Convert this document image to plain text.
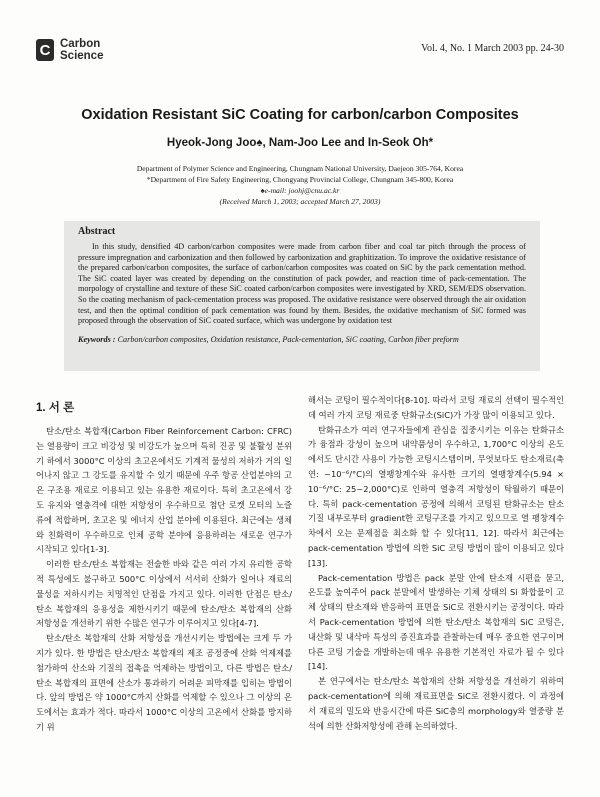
C Carbon
Science
Vol. 4, No. 1 March 2003 pp. 24-30
Oxidation Resistant SiC Coating for carbon/carbon Composites
Hyeok-Jong Joo♠, Nam-Joo Lee and In-Seok Oh*
Department of Polymer Science and Engineering, Chungnam National University, Daejeon 305-764, Korea
*Department of Fire Safety Engineering, Chongyang Provincial College, Chungnam 345-800, Korea
♠e-mail: joohj@cnu.ac.kr
(Received March 1, 2003; accepted March 27, 2003)
Abstract
In this study, densified 4D carbon/carbon composites were made from carbon fiber and coal tar pitch through the process of pressure impregnation and carbonization and then followed by carbonization and graphitization. To improve the oxidative resistance of the prepared carbon/carbon composites, the surface of carbon/carbon composites was coated on SiC by the pack cementation method. The SiC coated layer was created by depending on the constitution of pack powder, and reaction time of pack-cementation. The morpology of crystalline and texture of these SiC coated carbon/carbon composites were investigated by XRD, SEM/EDS observation. So the coating mechanism of pack-cementation process was proposed. The oxidative resistance were observed through the air oxidation test, and then the optimal condition of pack cementation was found by them. Besides, the oxidative mechanism of SiC formed was proposed through the observation of SiC coated surface, which was undergone by oxidation test
Keywords : Carbon/carbon composites, Oxidation resistance, Pack-cementation, SiC coating, Carbon fiber preform
1. 서 론

탄소/탄소 복합재(Carbon Fiber Reinforcement Carbon: CFRC)는 열용량이 크고 비강성 및 비강도가 높으며 특히 진공 및 불활성 분위기 하에서 3000°C 이상의 초고온에서도 기계적 물성의 저하가 거의 일어나지 않고 그 강도를 유지할 수 있기 때문에 우주 항공 산업분야의 고온 구조용 재료로 이용되고 있는 유용한 재료이다. 특히 초고온에서 강도 유지와 열충격에 대한 저항성이 우수하므로 첨단 로켓 모터의 노즐류에 적합하며, 초고온 및 에너지 산업 분야에 이용된다. 최근에는 생체와 친화력이 우수하므로 인체 공학 분야에 응용하려는 새로운 연구가 시작되고 있다[1-3].

이러한 탄소/탄소 복합재는 전술한 바와 같은 여러 가지 유리한 공학적 특성에도 불구하고 500°C 이상에서 서서히 산화가 일어나 재료의 물성을 저하시키는 치명적인 단점을 가지고 있다. 이러한 단점은 탄소/탄소 복합재의 응용성을 제한시키기 때문에 탄소/탄소 복합재의 산화 저항성을 개선하기 위한 수많은 연구가 이루어지고 있다[4-7].

탄소/탄소 복합재의 산화 저항성을 개선시키는 방법에는 크게 두 가지가 있다. 한 방법은 탄소/탄소 복합재의 제조 공정중에 산화 억제제를 첨가하여 산소와 기질의 접촉을 억제하는 방법이고, 다른 방법은 탄소/탄소 복합재의 표면에 산소가 통과하기 어려운 피막재를 입히는 방법이다. 앞의 방법은 약 1000°C까지 산화를 억제할 수 있으나 그 이상의 온도에서는 효과가 적다. 따라서 1000°C 이상의 고온에서 산화를 방지하기 위

해서는 코팅이 필수적이다[8-10]. 따라서 코팅 재료의 선택이 필수적인데 여러 가지 코팅 재료중 탄화규소(SiC)가 가장 많이 이용되고 있다.

탄화규소가 여러 연구자들에게 관심을 집중시키는 이유는 탄화규소가 융점과 강성이 높으며 내약품성이 우수하고, 1,700°C 이상의 온도에서도 단시간 사용이 가능한 코팅시스템이며, 무엇보다도 탄소재료(축연: ~10⁻⁶/°C)의 열팽창계수와 유사한 크기의 열팽창계수(5.94 × 10⁻⁶/°C: 25~2,000°C)로 인하여 열충격 저항성이 탁월하기 때문이다. 특히 pack-cementation 공정에 의해서 코팅된 탄화규소는 탄소기질 내부로부터 gradient한 코팅구조를 가지고 있으므로 열 팽창계수차에서 오는 문제점을 최소화 할 수 있다[11, 12]. 따라서 최근에는 pack-cementation 방법에 의한 SiC 코팅 방법이 많이 이용되고 있다[13].

Pack-cementation 방법은 pack 분말 안에 탄소재 시편을 묻고, 온도를 높여주어 pack 분말에서 발생하는 기체 상태의 Si 화합물이 고체 상태의 탄소재와 반응하여 표면을 SiC로 전환시키는 공정이다. 따라서 Pack-cementation 방법에 의한 탄소/탄소 복합재의 SiC 코팅은, 내산화 및 내삭마 특성의 증진효과를 관찰하는데 매우 중요한 연구이며 다른 코팅 기술을 개발하는데 매우 유용한 기본적인 자료가 될 수 있다[14].

본 연구에서는 탄소/탄소 복합재의 산화 저항성을 개선하기 위하여 pack-cementation에 의해 재료표면을 SiC로 전환시켰다. 이 과정에서 재료의 밀도와 반응시간에 따른 SiC층의 morphology와 열중량 분석에 의한 산화저항성에 관해 논의하였다.
